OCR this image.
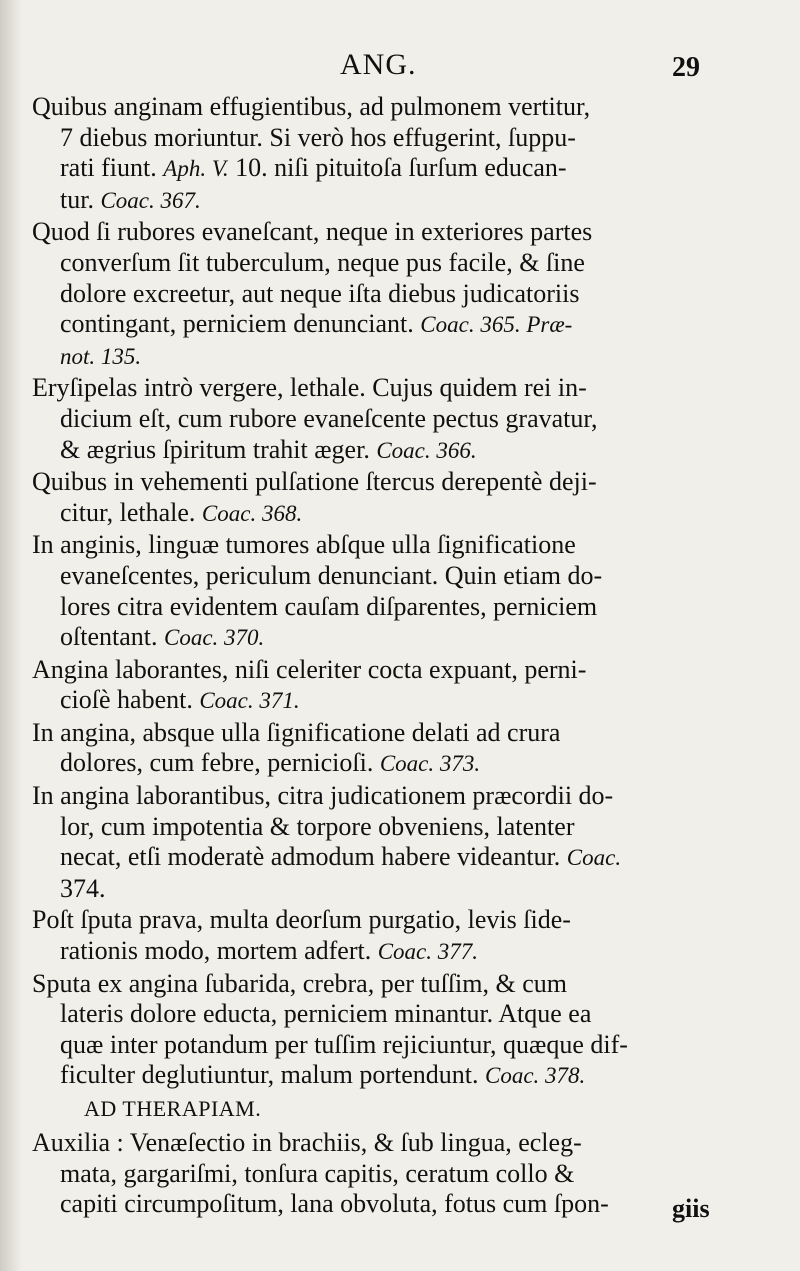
ANG.	29

Quibus anginam effugientibus, ad pulmonem vertitur,
7 diebus moriuntur. Si verò hos effugerint, ſuppu-
rati fiunt. Aph. V. 10. niſi pituitoſa ſurſum educan-
tur. Coac. 367.

Quod ſi rubores evaneſcant, neque in exteriores partes
converſum ſit tuberculum, neque pus facile, & ſine
dolore excreetur, aut neque iſta diebus judicatoriis
contingant, perniciem denunciant. Coac. 365. Præ-
not. 135.

Eryſipelas intrò vergere, lethale. Cujus quidem rei in-
dicium eſt, cum rubore evaneſcente pectus gravatur,
& ægrius ſpiritum trahit æger. Coac. 366.

Quibus in vehementi pulſatione ſtercus derepentè deji-
citur, lethale. Coac. 368.

In anginis, linguæ tumores abſque ulla ſignificatione
evaneſcentes, periculum denunciant. Quin etiam do-
lores citra evidentem cauſam diſparentes, perniciem
oſtentant. Coac. 370.

Angina laborantes, niſi celeriter cocta expuant, perni-
cioſè habent. Coac. 371.

In angina, absque ulla ſignificatione delati ad crura
dolores, cum febre, pernicioſi. Coac. 373.

In angina laborantibus, citra judicationem præcordii do-
lor, cum impotentia & torpore obveniens, latenter
necat, etſi moderatè admodum habere videantur. Coac.
374.

Poſt ſputa prava, multa deorſum purgatio, levis ſide-
rationis modo, mortem adfert. Coac. 377.

Sputa ex angina ſubarida, crebra, per tuſſim, & cum
lateris dolore educta, perniciem minantur. Atque ea
quæ inter potandum per tuſſim rejiciuntur, quæque dif-
ficulter deglutiuntur, malum portendunt. Coac. 378.

AD THERAPIAM.

Auxilia : Venæſectio in brachiis, & ſub lingua, ecleg-
mata, gargariſmi, tonſura capitis, ceratum collo &
capiti circumpoſitum, lana obvoluta, fotus cum ſpon-	giis
